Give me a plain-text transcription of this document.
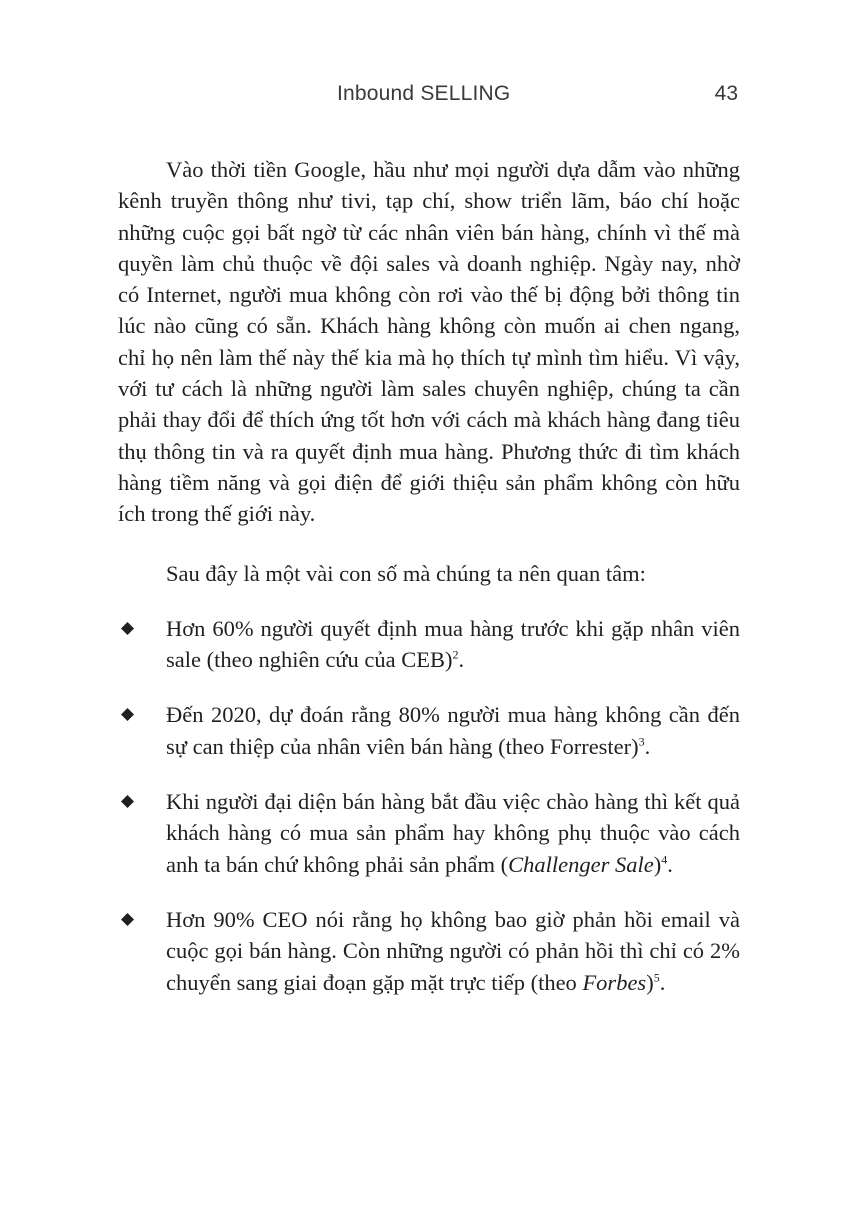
Inbound SELLING	43

Vào thời tiền Google, hầu như mọi người dựa dẫm vào những kênh truyền thông như tivi, tạp chí, show triển lãm, báo chí hoặc những cuộc gọi bất ngờ từ các nhân viên bán hàng, chính vì thế mà quyền làm chủ thuộc về đội sales và doanh nghiệp. Ngày nay, nhờ có Internet, người mua không còn rơi vào thế bị động bởi thông tin lúc nào cũng có sẵn. Khách hàng không còn muốn ai chen ngang, chỉ họ nên làm thế này thế kia mà họ thích tự mình tìm hiểu. Vì vậy, với tư cách là những người làm sales chuyên nghiệp, chúng ta cần phải thay đổi để thích ứng tốt hơn với cách mà khách hàng đang tiêu thụ thông tin và ra quyết định mua hàng. Phương thức đi tìm khách hàng tiềm năng và gọi điện để giới thiệu sản phẩm không còn hữu ích trong thế giới này.

Sau đây là một vài con số mà chúng ta nên quan tâm:

Hơn 60% người quyết định mua hàng trước khi gặp nhân viên sale (theo nghiên cứu của CEB)$^2$.
Đến 2020, dự đoán rằng 80% người mua hàng không cần đến sự can thiệp của nhân viên bán hàng (theo Forrester)$^3$.
Khi người đại diện bán hàng bắt đầu việc chào hàng thì kết quả khách hàng có mua sản phẩm hay không phụ thuộc vào cách anh ta bán chứ không phải sản phẩm (Challenger Sale)$^4$.
Hơn 90% CEO nói rằng họ không bao giờ phản hồi email và cuộc gọi bán hàng. Còn những người có phản hồi thì chỉ có 2% chuyển sang giai đoạn gặp mặt trực tiếp (theo Forbes)$^5$.
